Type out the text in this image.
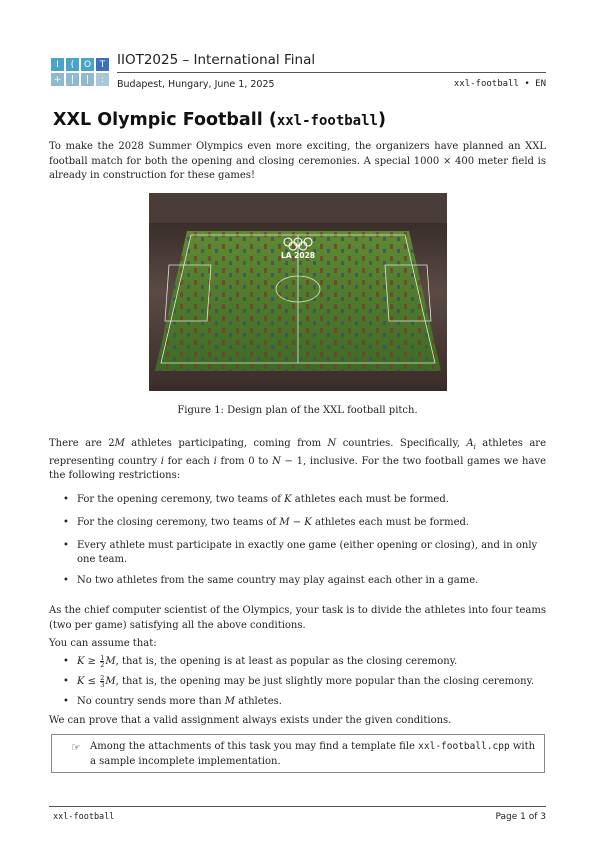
I	(	O T
+	|	|	:
IIOT2025 – International Final
Budapest, Hungary, June 1, 2025	xxl-football • EN
XXL Olympic Football (xxl-football)
To make the 2028 Summer Olympics even more exciting, the organizers have planned an XXL football match for both the opening and closing ceremonies. A special 1000 × 400 meter field is already in construction for these games!
LA 2028
Figure 1: Design plan of the XXL football pitch.
There are 2M athletes participating, coming from N countries. Specifically, $A_i$ athletes are representing country i for each i from 0 to N − 1, inclusive. For the two football games we have the following restrictions:
• For the opening ceremony, two teams of K athletes each must be formed.
• For the closing ceremony, two teams of M − K athletes each must be formed.
• Every athlete must participate in exactly one game (either opening or closing), and in only one team.
• No two athletes from the same country may play against each other in a game.
As the chief computer scientist of the Olympics, your task is to divide the athletes into four teams (two per game) satisfying all the above conditions.
You can assume that:
• $K \ge \frac{1}{2} M$, that is, the opening is at least as popular as the closing ceremony.
• $K \le \frac{2}{3} M$, that is, the opening may be just slightly more popular than the closing ceremony.
• No country sends more than M athletes.
We can prove that a valid assignment always exists under the given conditions.
☞ Among the attachments of this task you may find a template file xxl-football.cpp with a sample incomplete implementation.
xxl-football	Page 1 of 3
